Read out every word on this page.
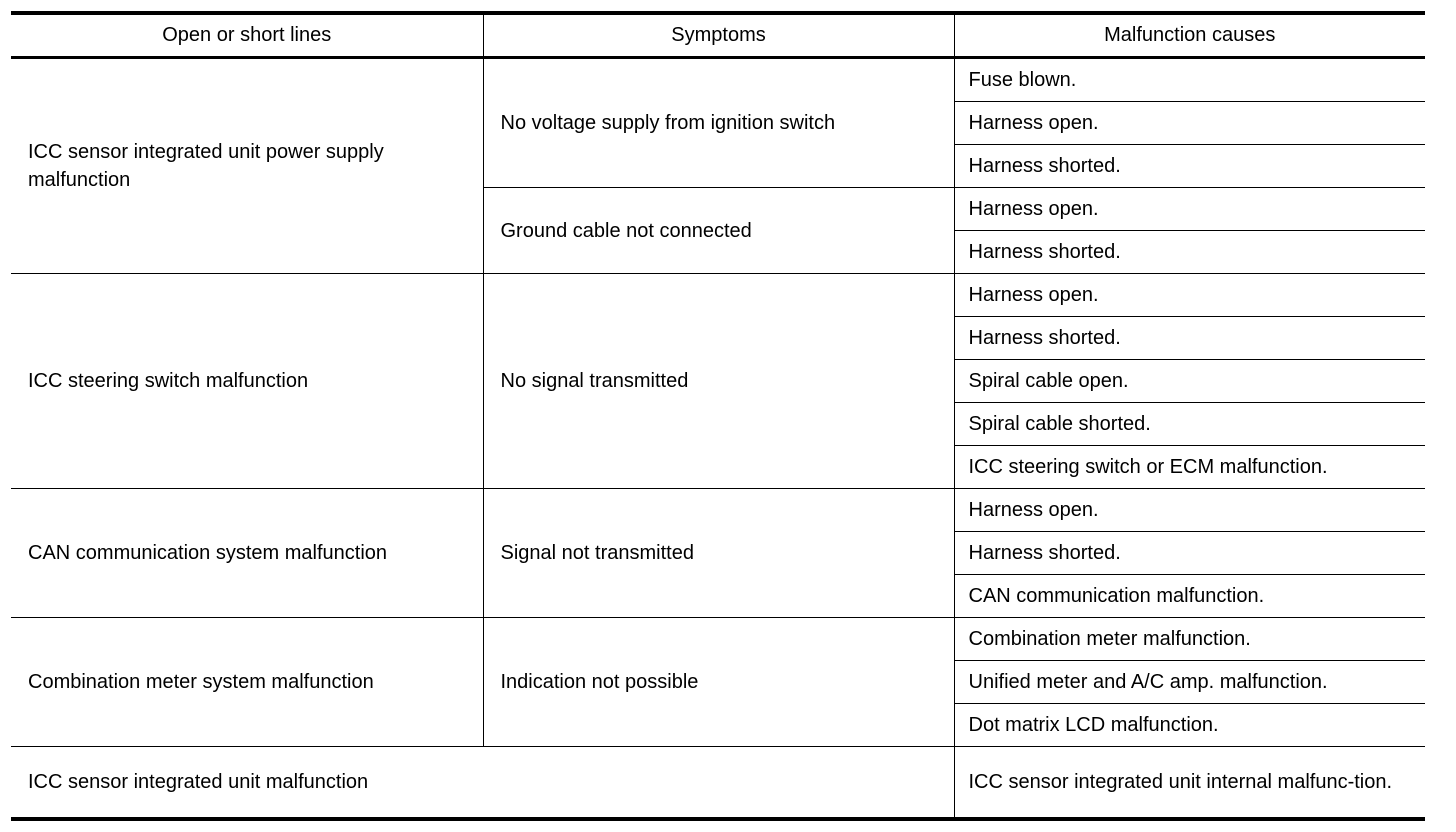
Open or short lines	Symptoms	Malfunction causes
ICC sensor integrated unit power supply malfunction	No voltage supply from ignition switch	Fuse blown.
		Harness open.
		Harness shorted.
	Ground cable not connected	Harness open.
		Harness shorted.
ICC steering switch malfunction	No signal transmitted	Harness open.
		Harness shorted.
		Spiral cable open.
		Spiral cable shorted.
		ICC steering switch or ECM malfunction.
CAN communication system malfunction	Signal not transmitted	Harness open.
		Harness shorted.
		CAN communication malfunction.
Combination meter system malfunction	Indication not possible	Combination meter malfunction.
		Unified meter and A/C amp. malfunction.
		Dot matrix LCD malfunction.
ICC sensor integrated unit malfunction		ICC sensor integrated unit internal malfunc-tion.
